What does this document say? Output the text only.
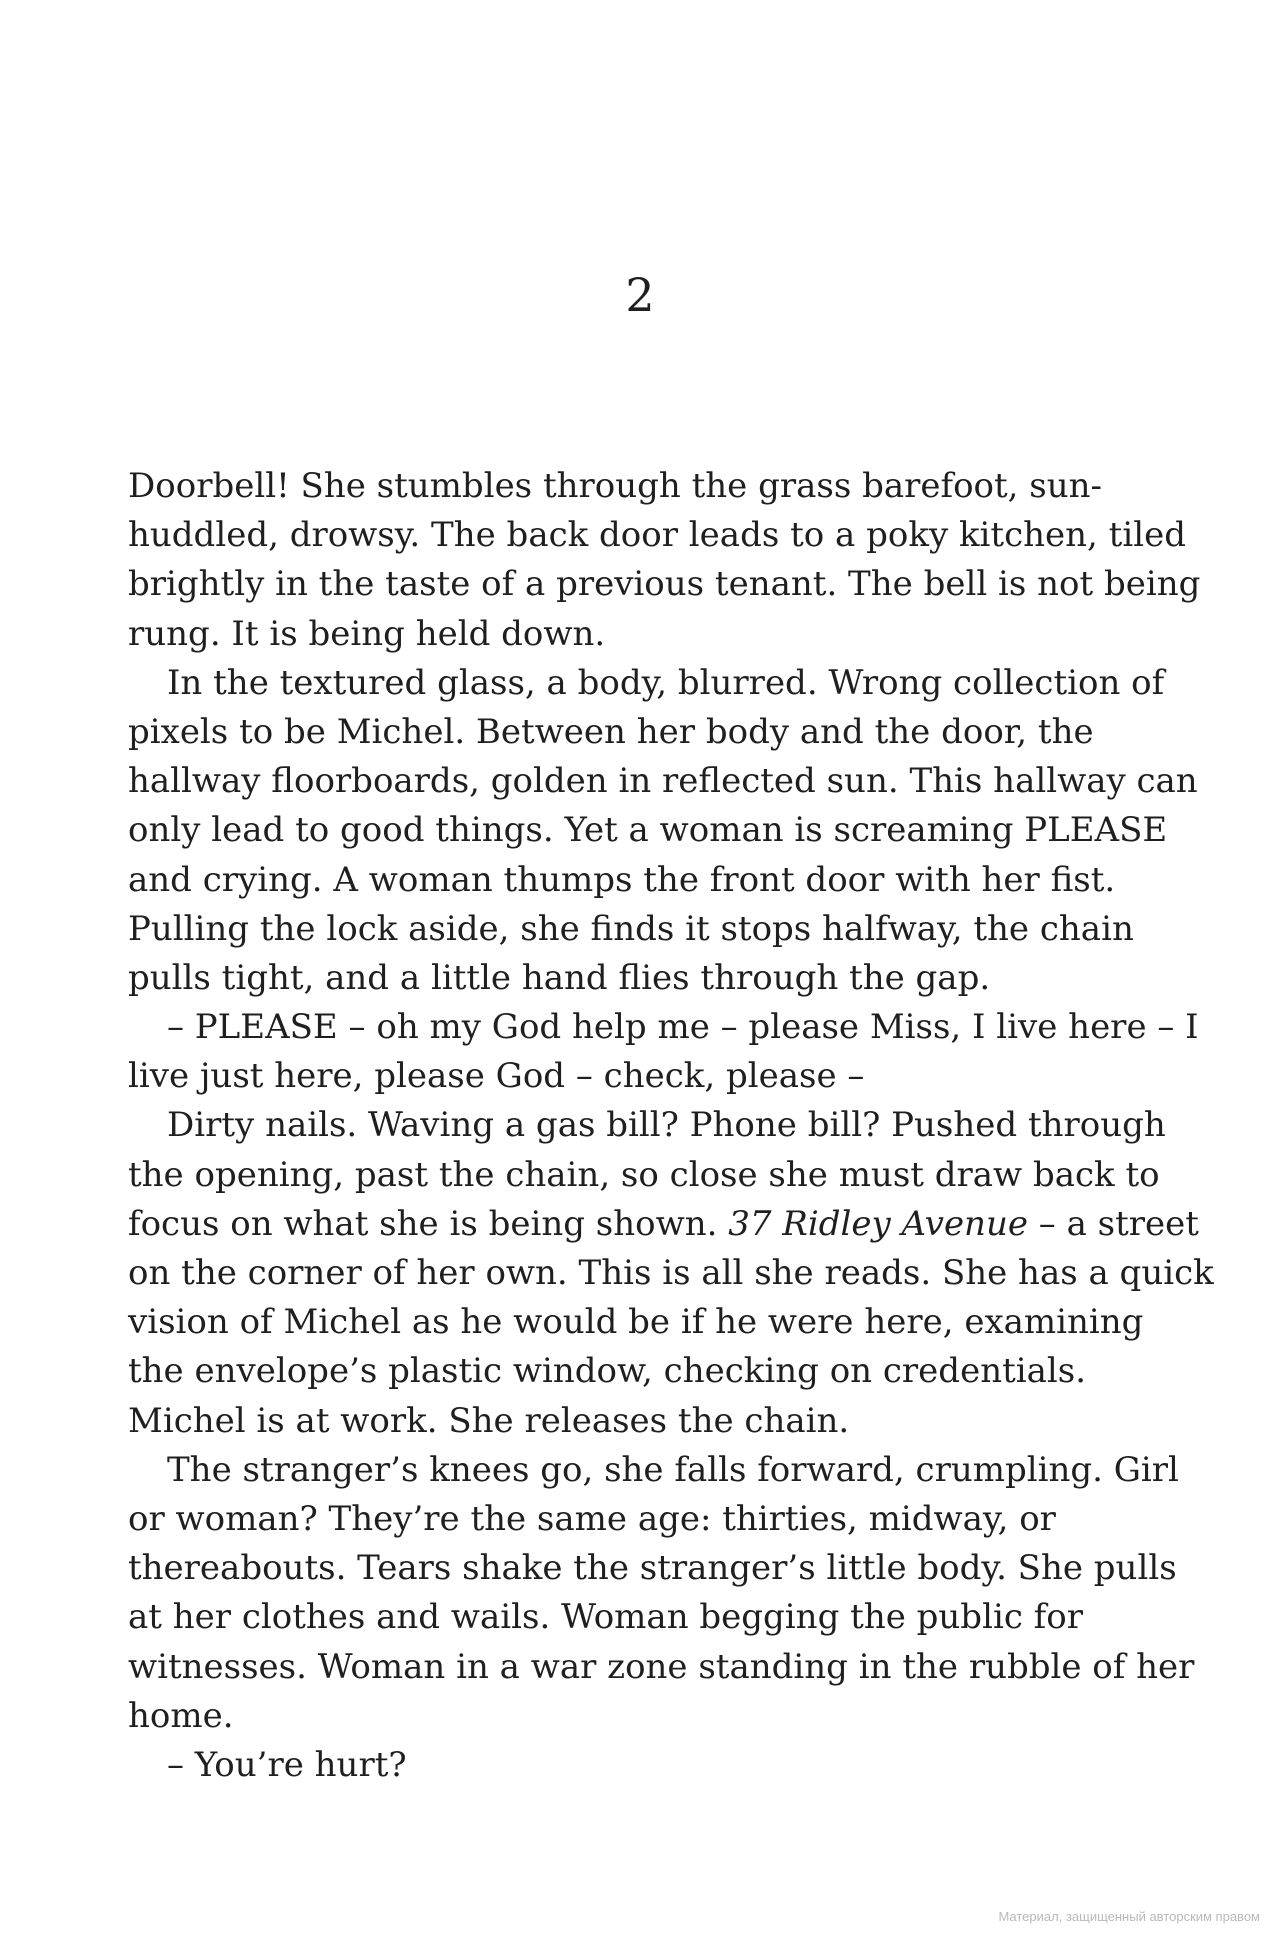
2
Doorbell! She stumbles through the grass barefoot, sun-
huddled, drowsy. The back door leads to a poky kitchen, tiled
brightly in the taste of a previous tenant. The bell is not being
rung. It is being held down.
In the textured glass, a body, blurred. Wrong collection of
pixels to be Michel. Between her body and the door, the
hallway floorboards, golden in reflected sun. This hallway can
only lead to good things. Yet a woman is screaming PLEASE
and crying. A woman thumps the front door with her fist.
Pulling the lock aside, she finds it stops halfway, the chain
pulls tight, and a little hand flies through the gap.
– PLEASE – oh my God help me – please Miss, I live here – I
live just here, please God – check, please –
Dirty nails. Waving a gas bill? Phone bill? Pushed through
the opening, past the chain, so close she must draw back to
focus on what she is being shown. 37 Ridley Avenue – a street
on the corner of her own. This is all she reads. She has a quick
vision of Michel as he would be if he were here, examining
the envelope’s plastic window, checking on credentials.
Michel is at work. She releases the chain.
The stranger’s knees go, she falls forward, crumpling. Girl
or woman? They’re the same age: thirties, midway, or
thereabouts. Tears shake the stranger’s little body. She pulls
at her clothes and wails. Woman begging the public for
witnesses. Woman in a war zone standing in the rubble of her
home.
– You’re hurt?
Материал, защищенный авторским правом
